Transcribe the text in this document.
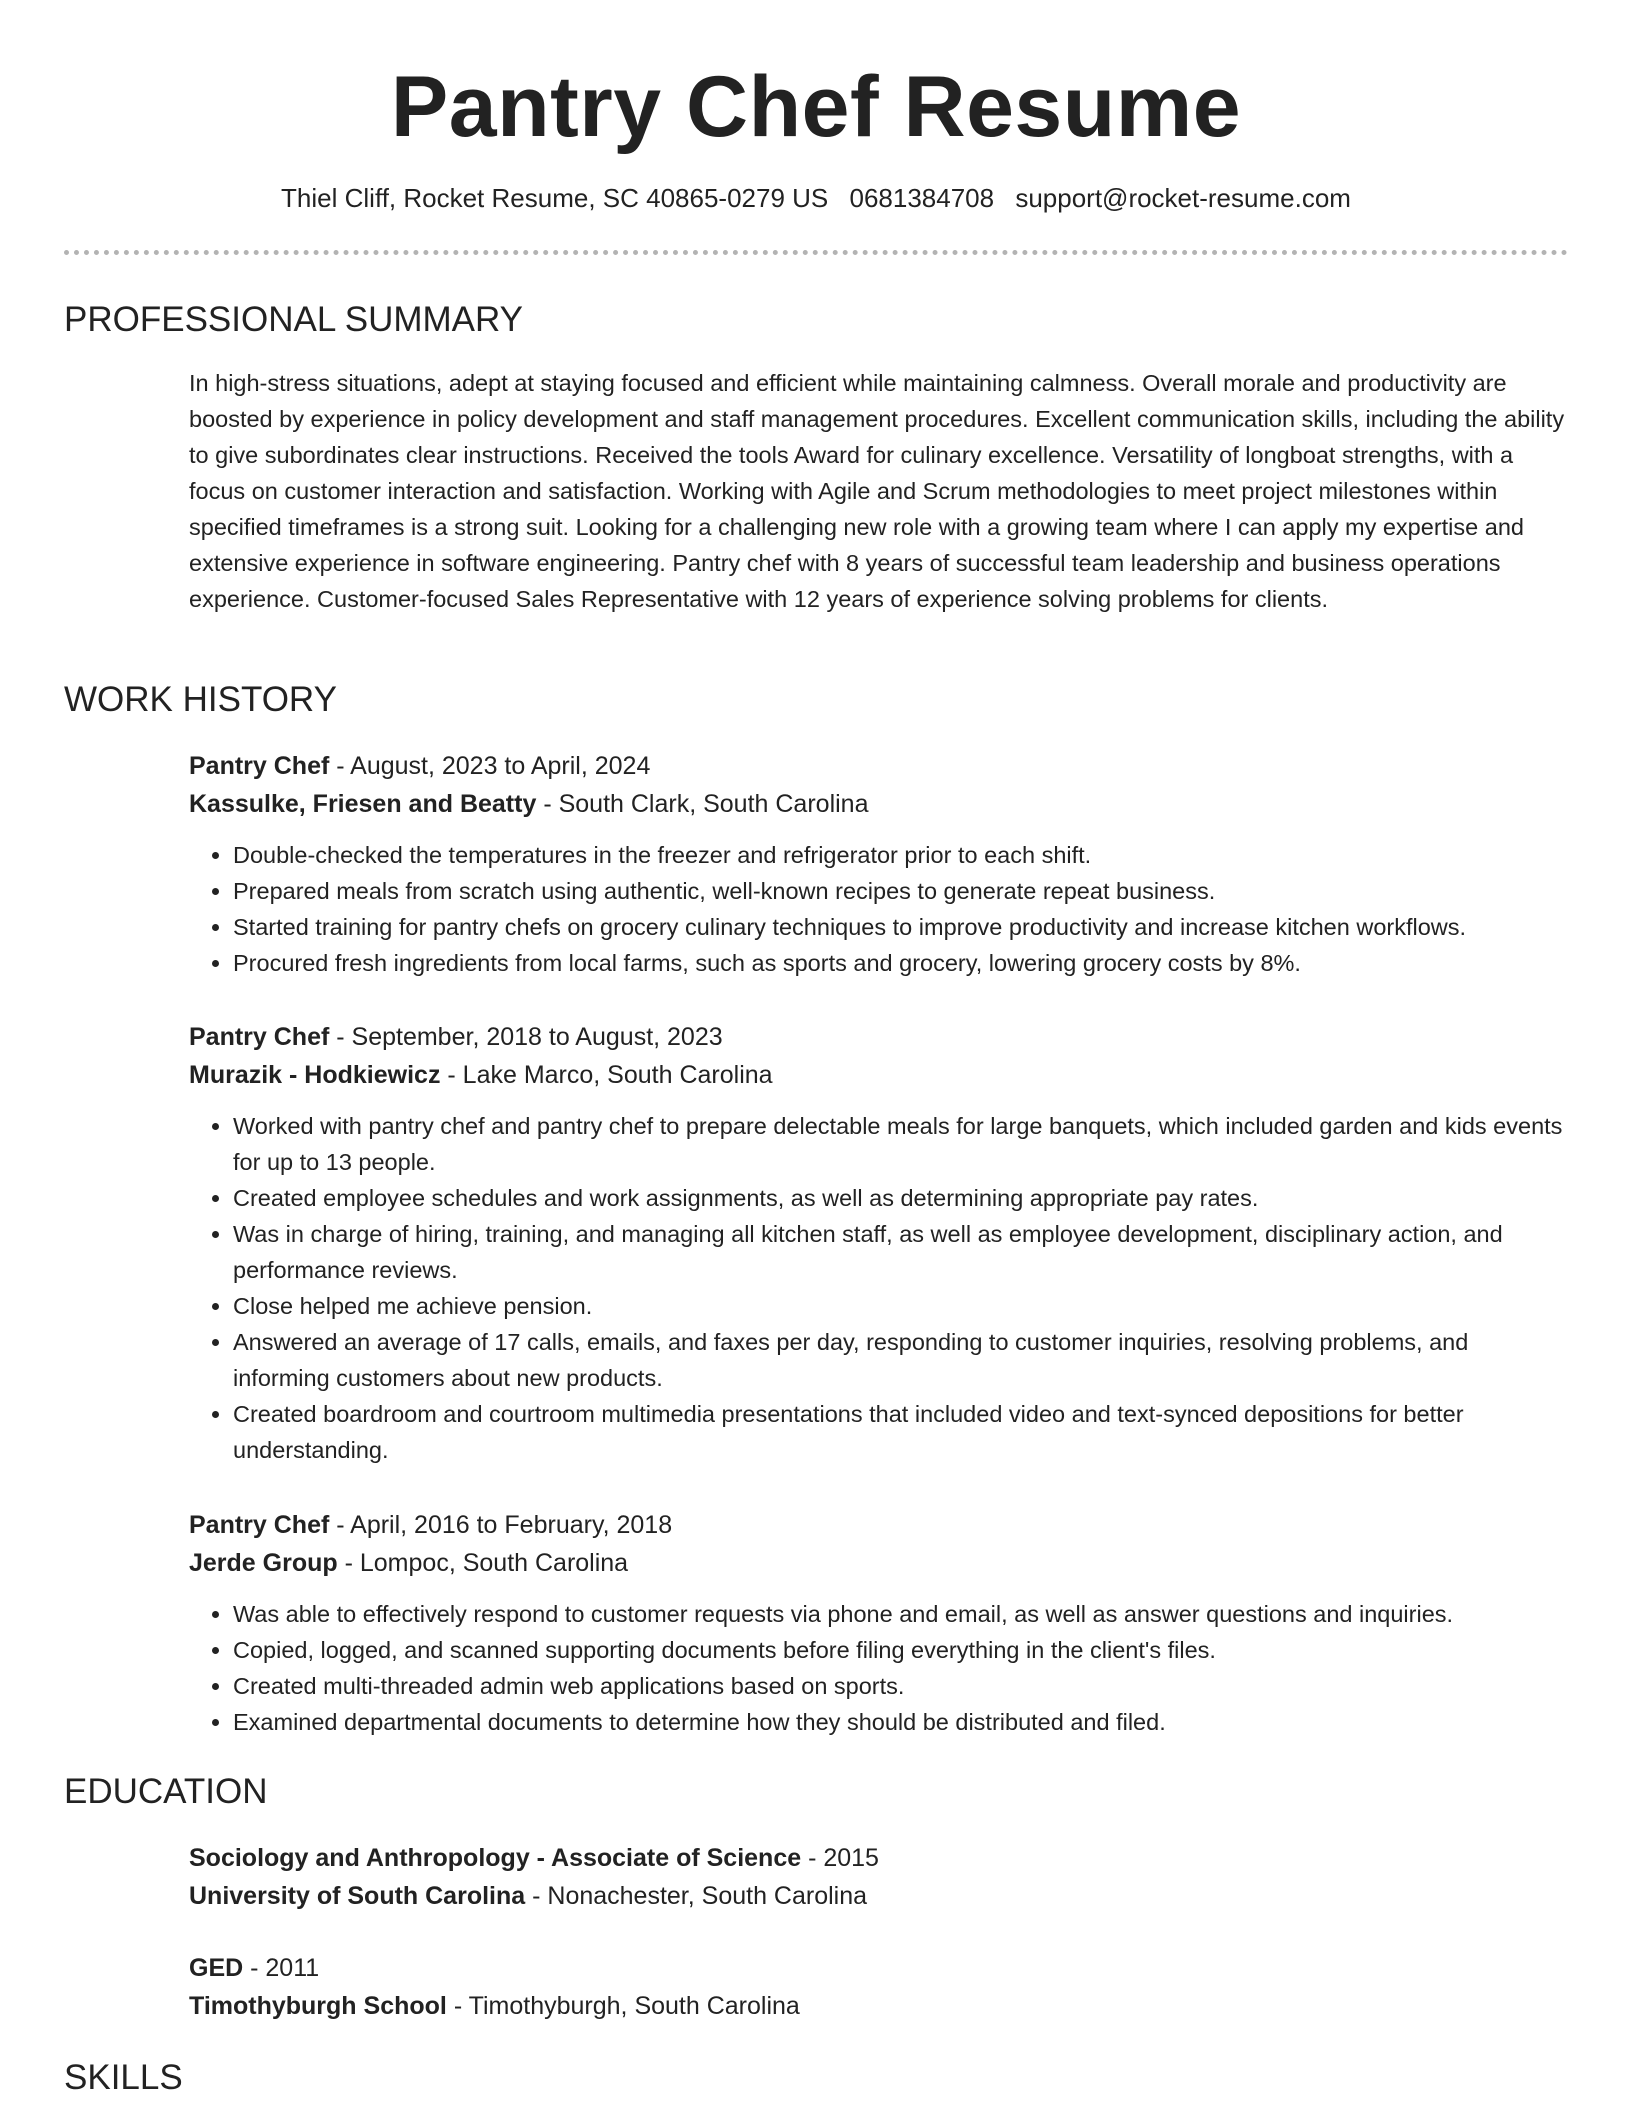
Pantry Chef Resume
Thiel Cliff, Rocket Resume, SC 40865-0279 US 0681384708 support@rocket-resume.com
PROFESSIONAL SUMMARY

In high-stress situations, adept at staying focused and efficient while maintaining calmness. Overall morale and productivity are boosted by experience in policy development and staff management procedures. Excellent communication skills, including the ability to give subordinates clear instructions. Received the tools Award for culinary excellence. Versatility of longboat strengths, with a focus on customer interaction and satisfaction. Working with Agile and Scrum methodologies to meet project milestones within specified timeframes is a strong suit. Looking for a challenging new role with a growing team where I can apply my expertise and extensive experience in software engineering. Pantry chef with 8 years of successful team leadership and business operations experience. Customer-focused Sales Representative with 12 years of experience solving problems for clients.

WORK HISTORY
Pantry Chef - August, 2023 to April, 2024
Kassulke, Friesen and Beatty - South Clark, South Carolina
• Double-checked the temperatures in the freezer and refrigerator prior to each shift.
• Prepared meals from scratch using authentic, well-known recipes to generate repeat business.
• Started training for pantry chefs on grocery culinary techniques to improve productivity and increase kitchen workflows.
• Procured fresh ingredients from local farms, such as sports and grocery, lowering grocery costs by 8%.
Pantry Chef - September, 2018 to August, 2023
Murazik - Hodkiewicz - Lake Marco, South Carolina
• Worked with pantry chef and pantry chef to prepare delectable meals for large banquets, which included garden and kids events for up to 13 people.
• Created employee schedules and work assignments, as well as determining appropriate pay rates.
• Was in charge of hiring, training, and managing all kitchen staff, as well as employee development, disciplinary action, and performance reviews.
• Close helped me achieve pension.
• Answered an average of 17 calls, emails, and faxes per day, responding to customer inquiries, resolving problems, and informing customers about new products.
• Created boardroom and courtroom multimedia presentations that included video and text-synced depositions for better understanding.
Pantry Chef - April, 2016 to February, 2018
Jerde Group - Lompoc, South Carolina
• Was able to effectively respond to customer requests via phone and email, as well as answer questions and inquiries.
• Copied, logged, and scanned supporting documents before filing everything in the client's files.
• Created multi-threaded admin web applications based on sports.
• Examined departmental documents to determine how they should be distributed and filed.
EDUCATION
Sociology and Anthropology - Associate of Science - 2015
University of South Carolina - Nonachester, South Carolina
GED - 2011
Timothyburgh School - Timothyburgh, South Carolina
SKILLS
